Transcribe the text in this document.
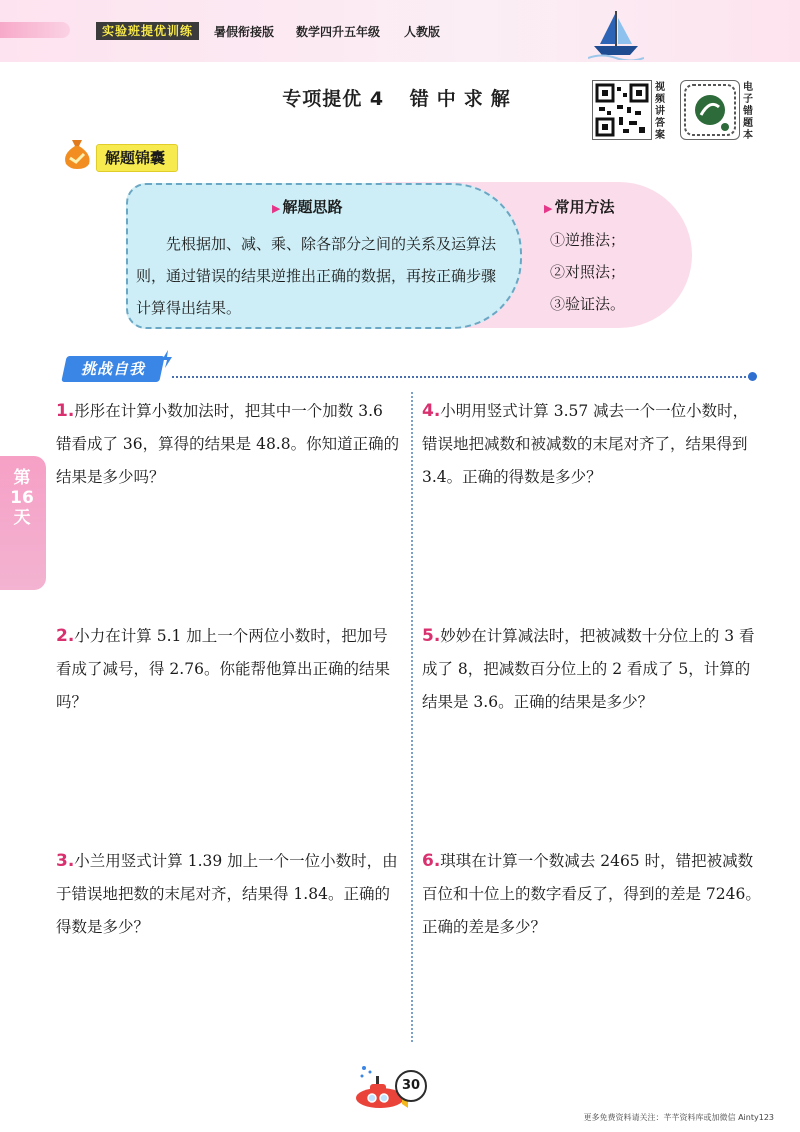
实验班提优训练	暑假衔接版 数学四升五年级 人教版
专项提优 4 错中求解
视频讲答案
电子错题本
解题锦囊
▶ 解题思路
先根据加、减、乘、除各部分之间的关系及运算法则，通过错误的结果逆推出正确的数据，再按正确步骤计算得出结果。
▶ 常用方法
①逆推法；
②对照法；
③验证法。
挑战自我
第16天
1.彤彤在计算小数加法时，把其中一个加数 3.6 错看成了 36，算得的结果是 48.8。你知道正确的结果是多少吗？
2.小力在计算 5.1 加上一个两位小数时，把加号看成了减号，得 2.76。你能帮他算出正确的结果吗？
3.小兰用竖式计算 1.39 加上一个一位小数时，由于错误地把数的末尾对齐，结果得 1.84。正确的得数是多少？
4.小明用竖式计算 3.57 减去一个一位小数时，错误地把减数和被减数的末尾对齐了，结果得到 3.4。正确的得数是多少？
5.妙妙在计算减法时，把被减数十分位上的 3 看成了 8，把减数百分位上的 2 看成了 5，计算的结果是 3.6。正确的结果是多少？
6.琪琪在计算一个数减去 2465 时，错把被减数百位和十位上的数字看反了，得到的差是 7246。正确的差是多少？
30
更多免费资料请关注：芊芊资料库或加微信 Ainty123
